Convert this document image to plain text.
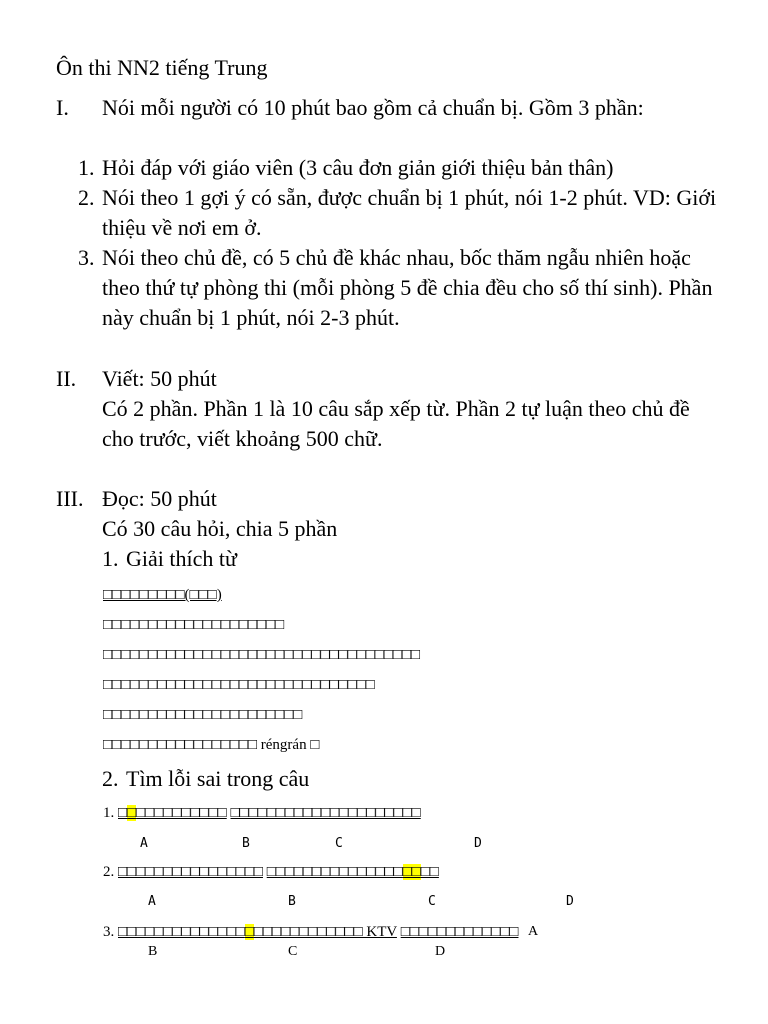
Ôn thi NN2 tiếng Trung
I. Nói mỗi người có 10 phút bao gồm cả chuẩn bị. Gồm 3 phần:
1. Hỏi đáp với giáo viên (3 câu đơn giản giới thiệu bản thân)
2. Nói theo 1 gợi ý có sẵn, được chuẩn bị 1 phút, nói 1-2 phút. VD: Giới thiệu về nơi em ở.
3. Nói theo chủ đề, có 5 chủ đề khác nhau, bốc thăm ngẫu nhiên hoặc theo thứ tự phòng thi (mỗi phòng 5 đề chia đều cho số thí sinh). Phần này chuẩn bị 1 phút, nói 2-3 phút.
II. Viết: 50 phút
Có 2 phần. Phần 1 là 10 câu sắp xếp từ. Phần 2 tự luận theo chủ đề cho trước, viết khoảng 500 chữ.
III. Đọc: 50 phút
Có 30 câu hỏi, chia 5 phần
1. Giải thích từ
□□□□□□□□□(□□□)
□□□□□□□□□□□□□□□□□□□□
□□□□□□□□□□□□□□□□□□□□□□□□□□□□□□□□□□□
□□□□□□□□□□□□□□□□□□□□□□□□□□□□□□
□□□□□□□□□□□□□□□□□□□□□□
□□□□□□□□□□□□□□□□□ réngrán □
2. Tìm lỗi sai trong câu
1. □□□□□□□□□□□□ □□□□□□□□□□□□□□□□□□□□□
A	B	C	D
2. □□□□□□□□□□□□□□□□ □□□□□□□□□□□□□□□□□□□
A	B	C	D
3. □□□□□□□□□□□□□□□□□□□□□□□□□□□ KTV □□□□□□□□□□□□□ A
B	C	D
